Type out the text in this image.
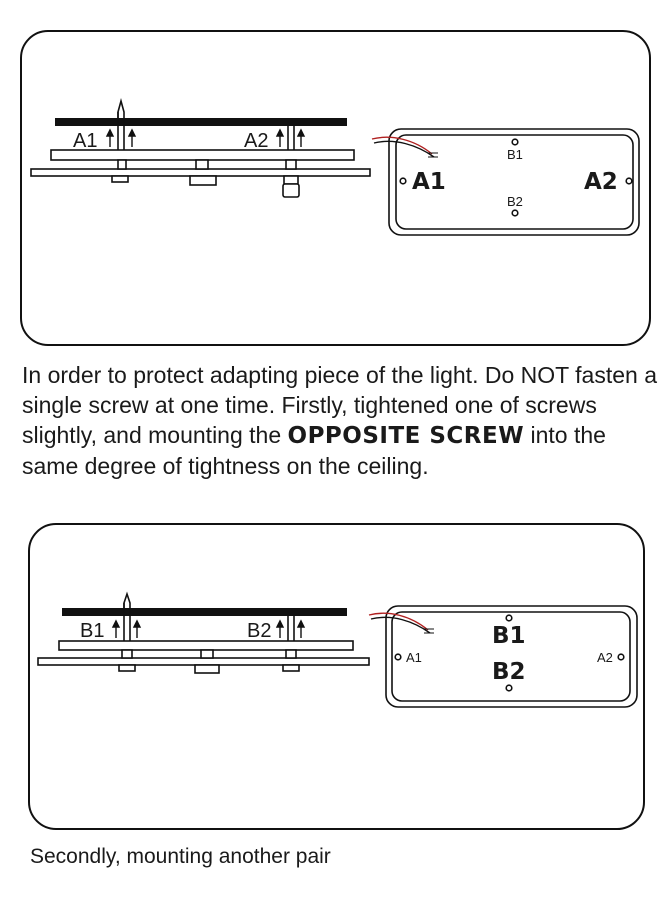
A1	A2
A1	A2
B1
B2
B1	B2	B1
B2
A1	A2
In order to protect adapting piece of the light. Do NOT fasten a single screw at one time. Firstly, tightened one of screws slightly, and mounting the OPPOSITE SCREW into the same degree of tightness on the ceiling.
Secondly, mounting another pair
